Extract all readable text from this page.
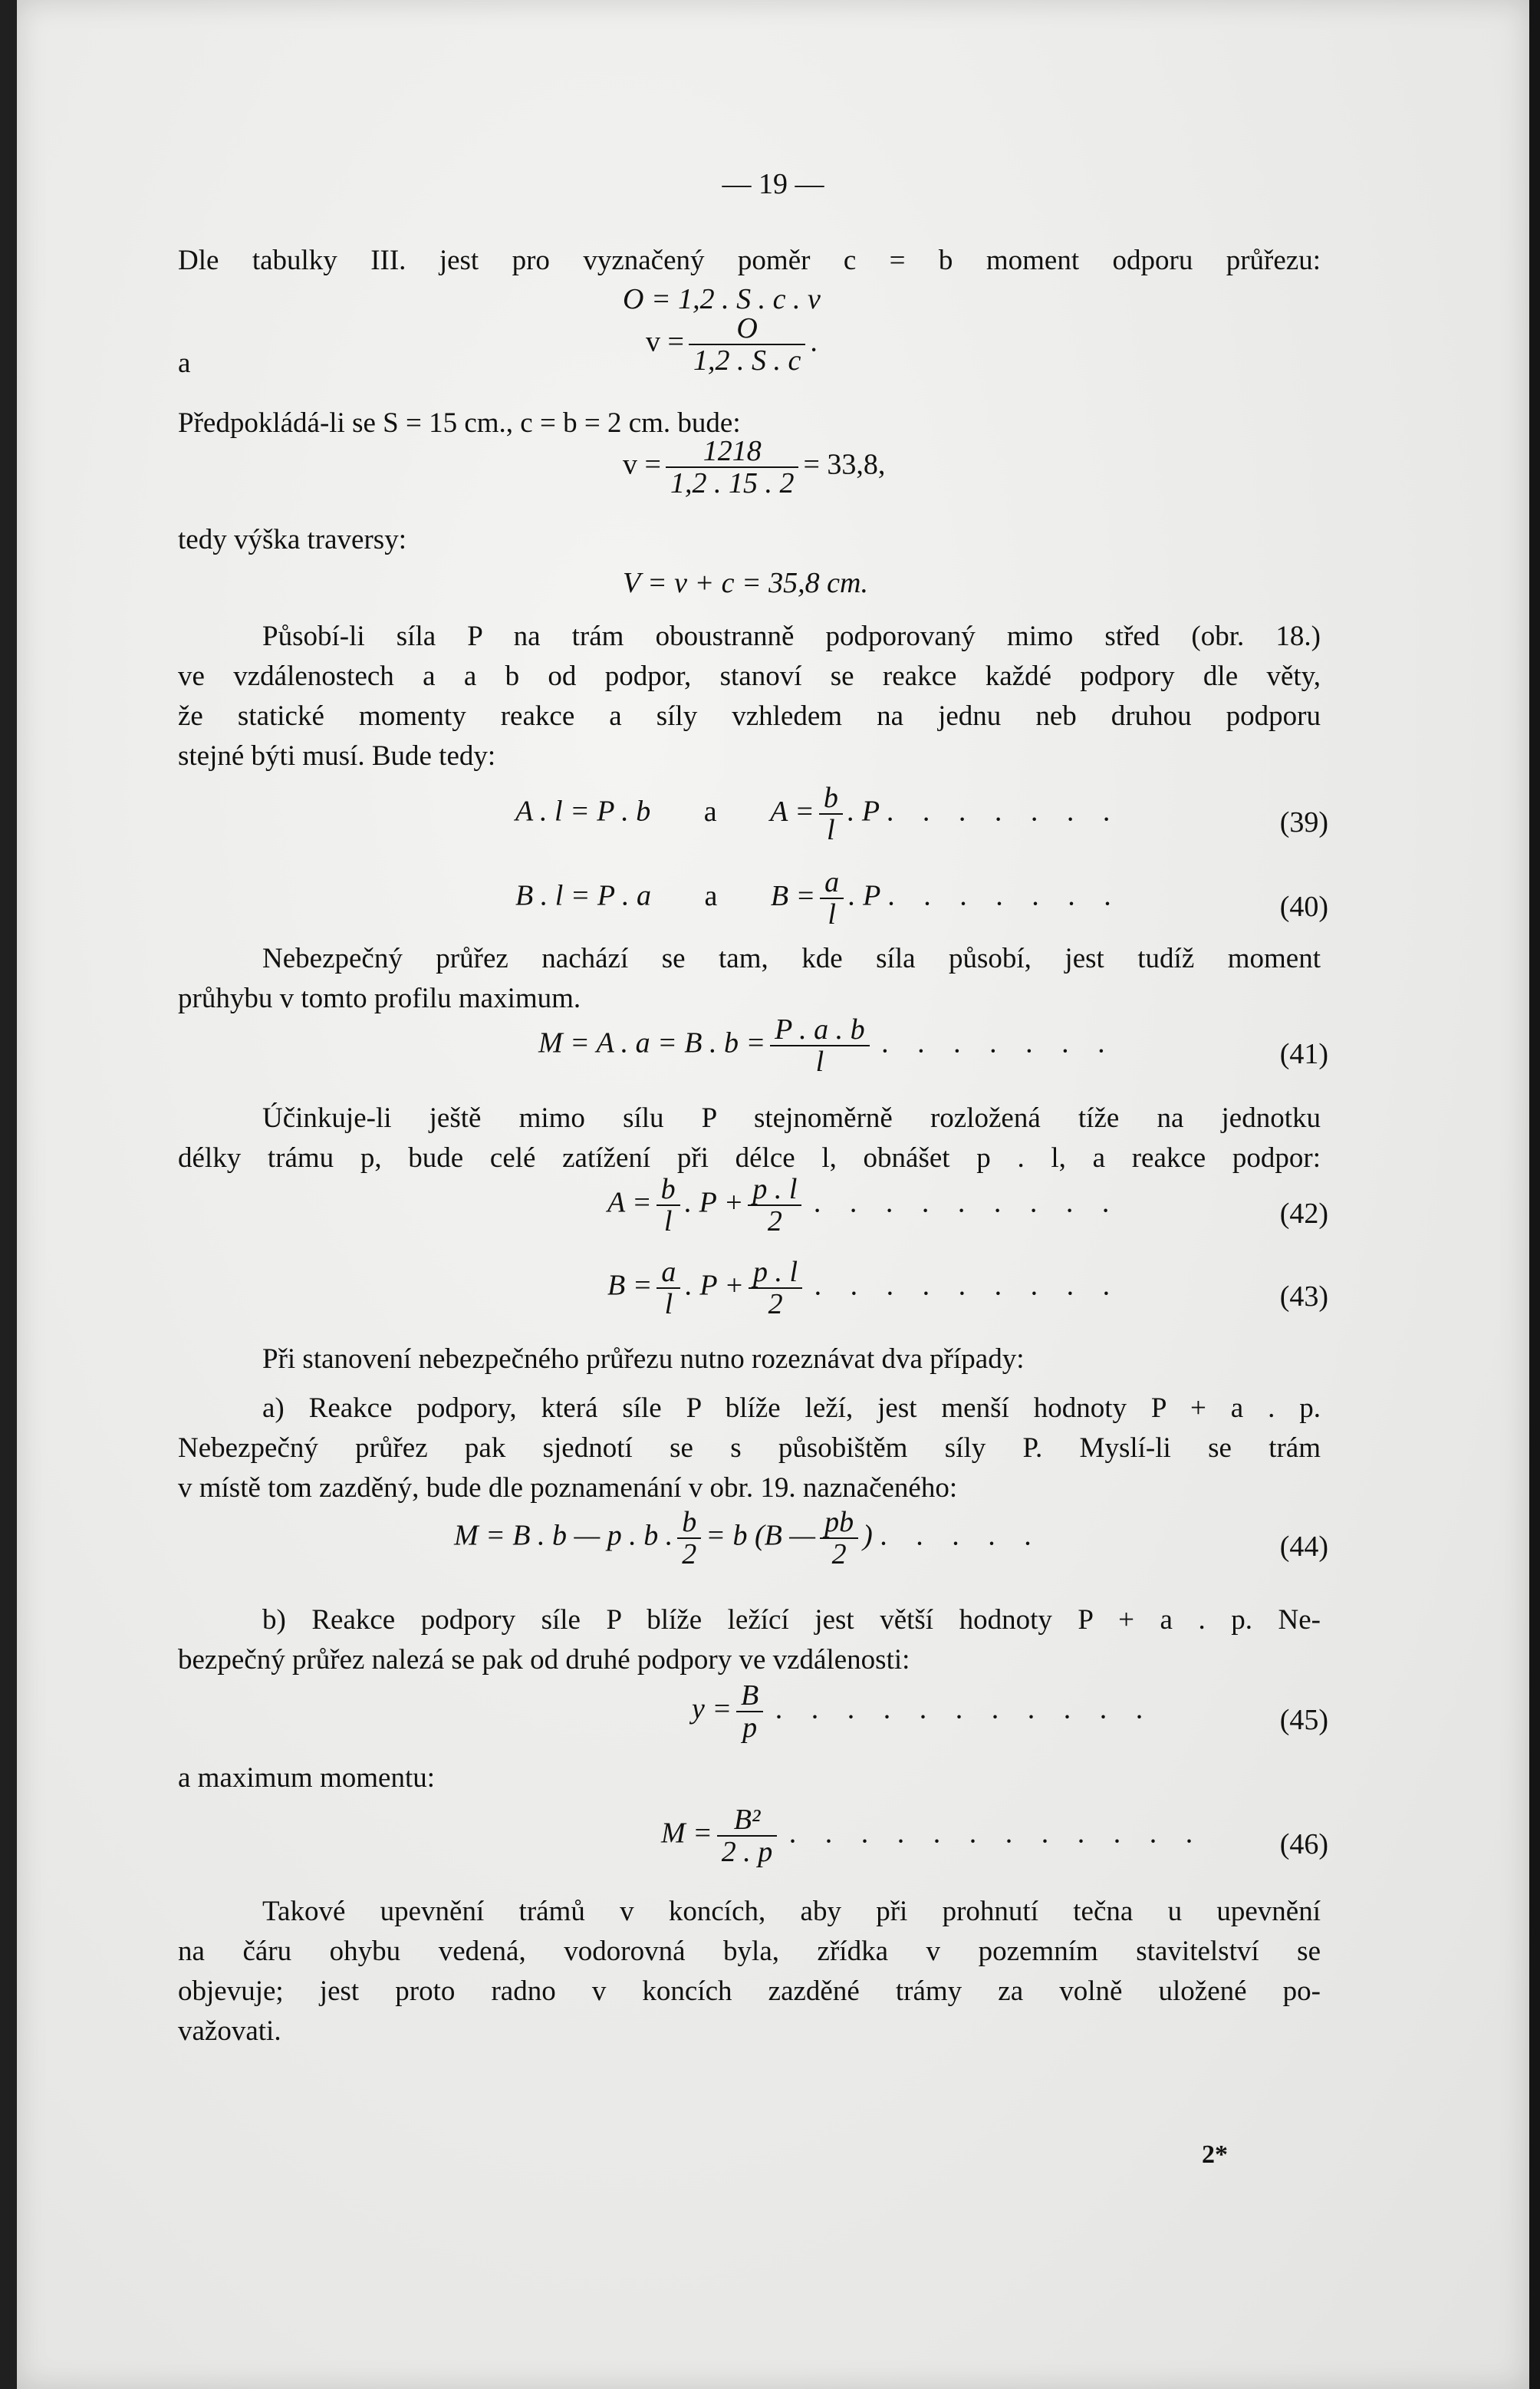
— 19 —
Dle tabulky III. jest pro vyznačený poměr c = b moment odporu průřezu:
O = 1,2 . S . c . v
a
$v = \frac{O}{1,2 . S . c}$ .
Předpokládá-li se S = 15 cm., c = b = 2 cm. bude:
$v = \frac{1218}{1,2 . 15 . 2} = 33,8$,
tedy výška traversy:
V = v + c = 35,8 cm.
Působí-li síla P na trám oboustranně podporovaný mimo střed (obr. 18.)
ve vzdálenostech a a b od podpor, stanoví se reakce každé podpory dle věty,
že statické momenty reakce a síly vzhledem na jednu neb druhou podporu
stejné býti musí. Bude tedy:
A . l = P . b a $A = \frac{b}{l}$ . P . . . . . . .	(39)
B . l = P . a a $B = \frac{a}{l}$ . P . . . . . . .	(40)
Nebezpečný průřez nachází se tam, kde síla působí, jest tudíž moment
průhybu v tomto profilu maximum.
M = A . a = B . $b = \frac{P . a . b}{l}$ . . . . . . .	(41)
Účinkuje-li ještě mimo sílu P stejnoměrně rozložená tíže na jednotku
délky trámu p, bude celé zatížení při délce l, obnášet p . l, a reakce podpor:
$A = \frac{b}{l}$ . $P + \frac{p . l}{2}$ . . . . . . . . .	(42)
$B = \frac{a}{l}$ . $P + \frac{p . l}{2}$ . . . . . . . . .	(43)
Při stanovení nebezpečného průřezu nutno rozeznávat dva případy:
a) Reakce podpory, která síle P blíže leží, jest menší hodnoty P + a . p.
Nebezpečný průřez pak sjednotí se s působištěm síly P. Myslí-li se trám
v místě tom zazděný, bude dle poznamenání v obr. 19. naznačeného:
M = B . b — p . b . $\frac{b}{2} = b$ (B — $\frac{pb}{2}$ ) . . . . .	(44)
b) Reakce podpory síle P blíže ležící jest větší hodnoty P + a . p. Ne-
bezpečný průřez nalezá se pak od druhé podpory ve vzdálenosti:
$y = \frac{B}{p}$ . . . . . . . . . . .	(45)
a maximum momentu:
$M = \frac{\text{B²}}{2 . p}$ . . . . . . . . . . . .	(46)
Takové upevnění trámů v koncích, aby při prohnutí tečna u upevnění
na čáru ohybu vedená, vodorovná byla, zřídka v pozemním stavitelství se
objevuje; jest proto radno v koncích zazděné trámy za volně uložené po-
važovati.
2*
